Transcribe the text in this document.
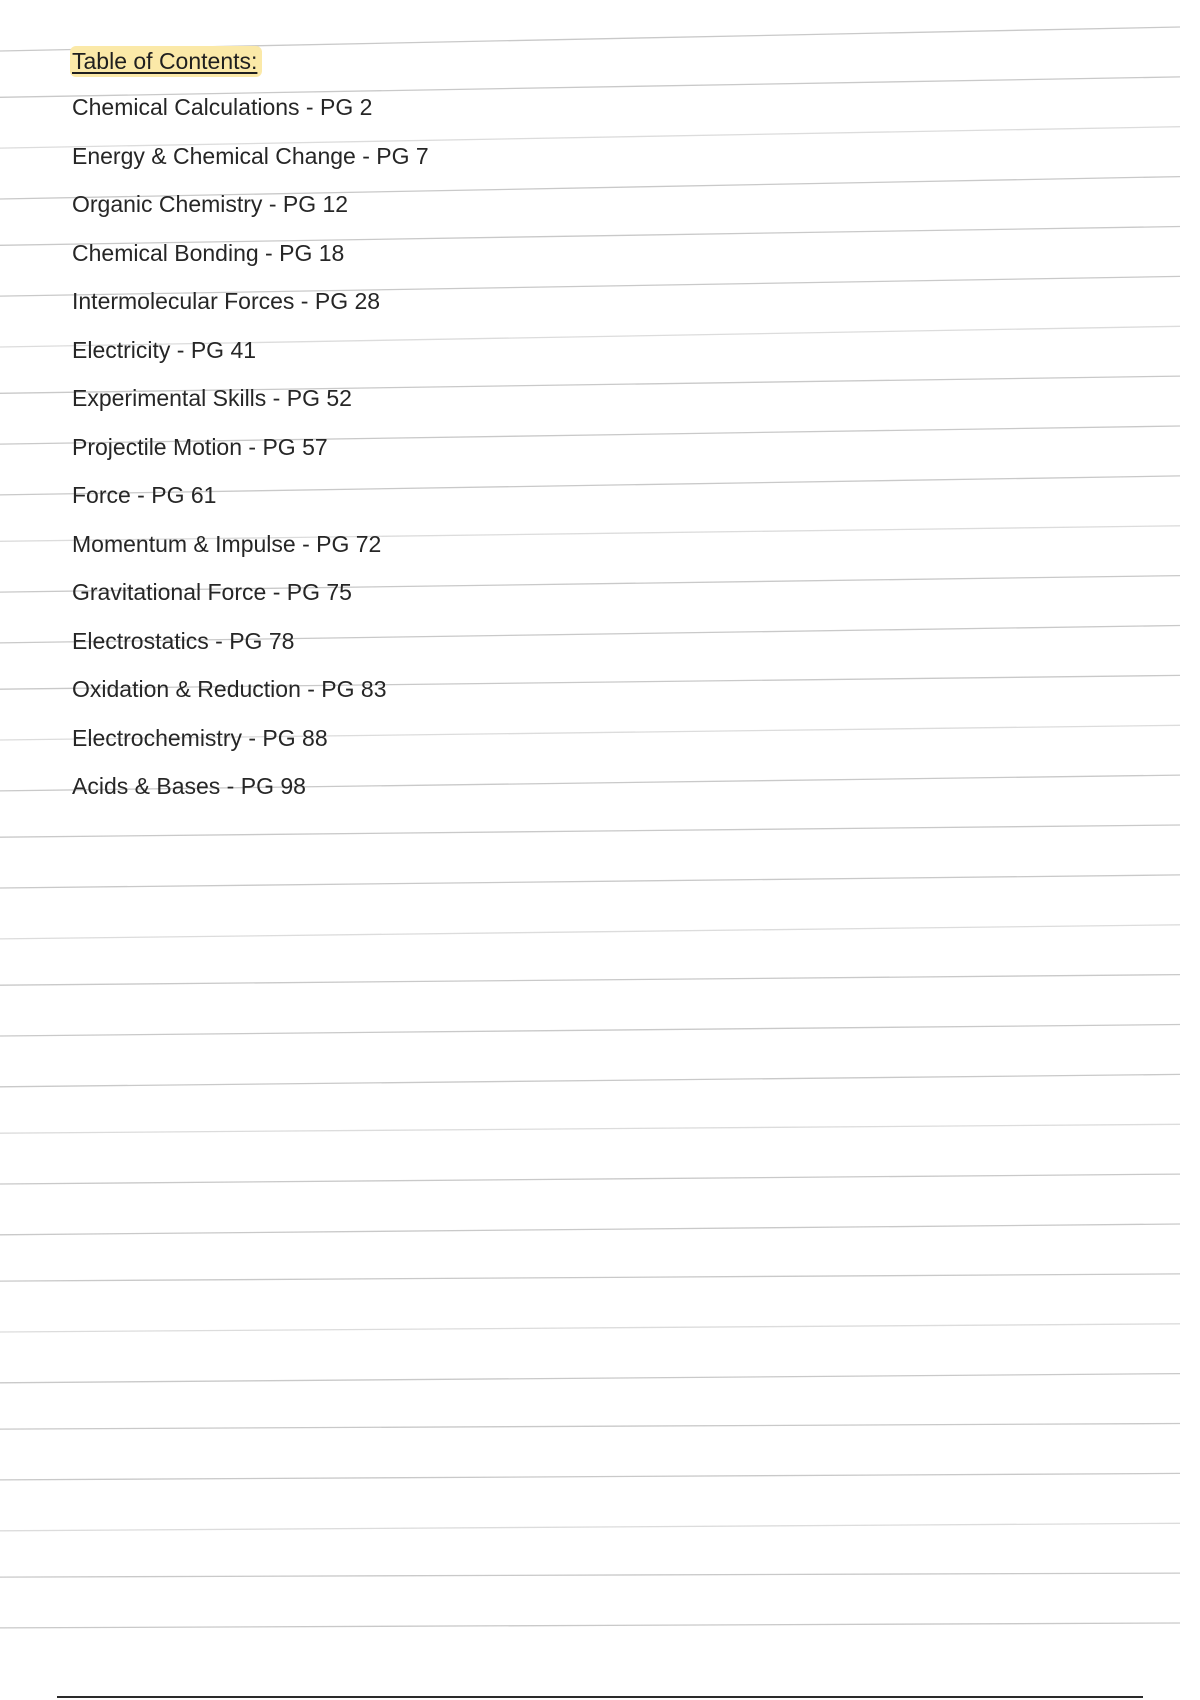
Table of Contents:
Chemical Calculations - PG 2
Energy & Chemical Change - PG 7
Organic Chemistry - PG 12
Chemical Bonding - PG 18
Intermolecular Forces - PG 28
Electricity - PG 41
Experimental Skills - PG 52
Projectile Motion - PG 57
Force - PG 61
Momentum & Impulse - PG 72
Gravitational Force - PG 75
Electrostatics - PG 78
Oxidation & Reduction - PG 83
Electrochemistry - PG 88
Acids & Bases - PG 98
